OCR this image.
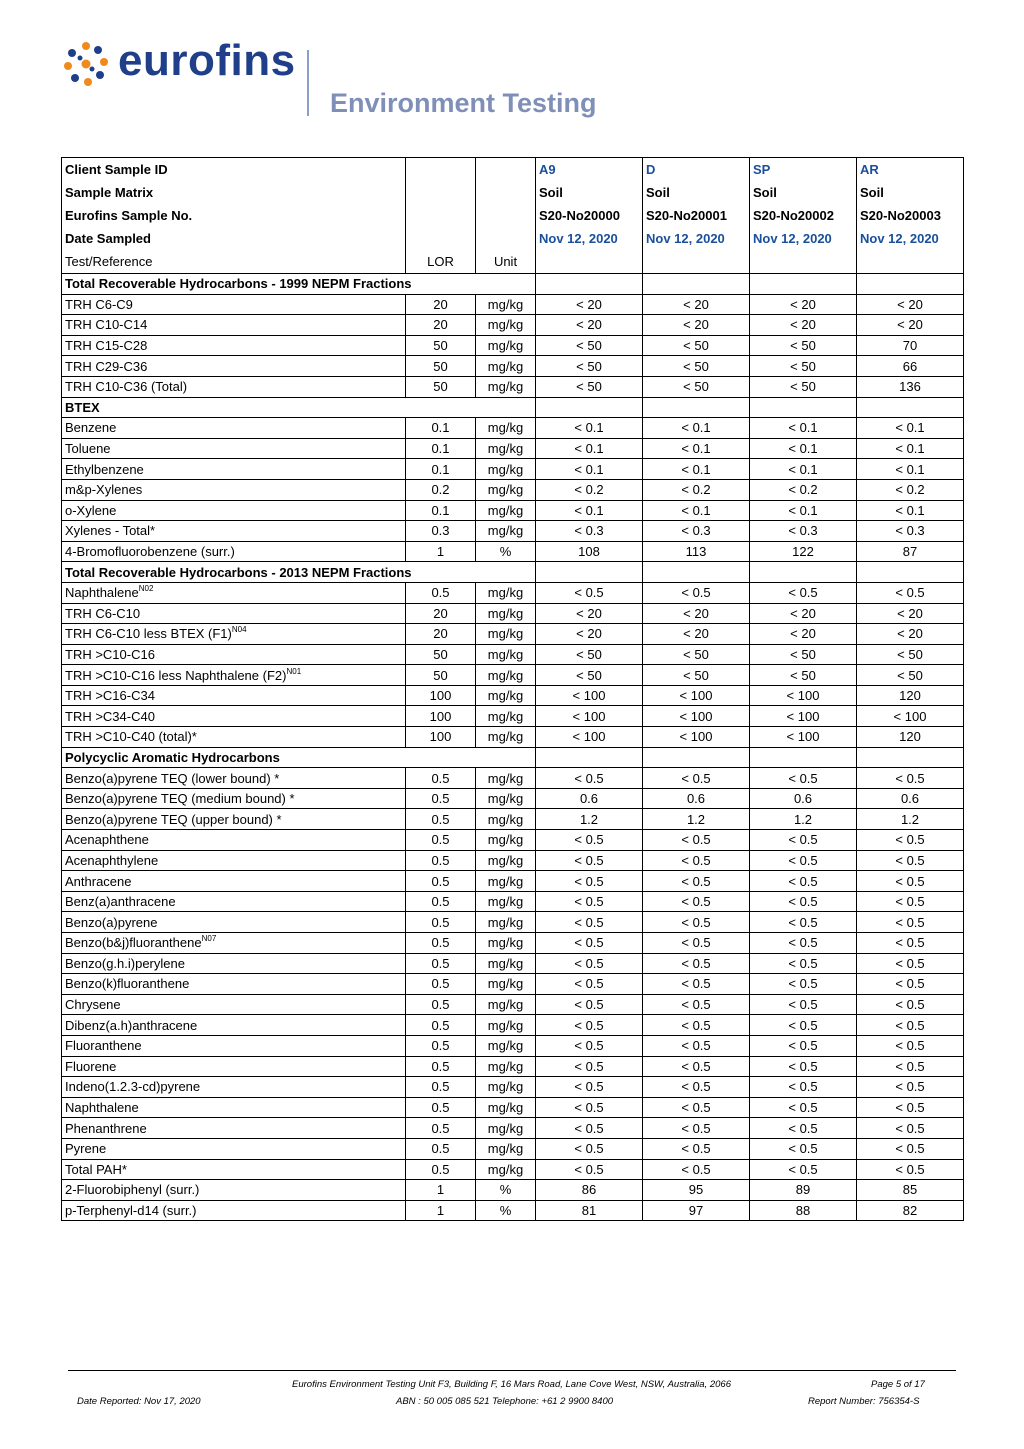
eurofins
Environment Testing
Client Sample ID			A9	D	SP	AR
Sample Matrix			Soil	Soil	Soil	Soil
Eurofins Sample No.			S20-No20000	S20-No20001	S20-No20002	S20-No20003
Date Sampled			Nov 12, 2020	Nov 12, 2020	Nov 12, 2020	Nov 12, 2020
Test/Reference	LOR	Unit				
Total Recoverable Hydrocarbons - 1999 NEPM Fractions						
TRH C6-C9	20	mg/kg	< 20	< 20	< 20	< 20
TRH C10-C14	20	mg/kg	< 20	< 20	< 20	< 20
TRH C15-C28	50	mg/kg	< 50	< 50	< 50	70
TRH C29-C36	50	mg/kg	< 50	< 50	< 50	66
TRH C10-C36 (Total)	50	mg/kg	< 50	< 50	< 50	136
BTEX						
Benzene	0.1	mg/kg	< 0.1	< 0.1	< 0.1	< 0.1
Toluene	0.1	mg/kg	< 0.1	< 0.1	< 0.1	< 0.1
Ethylbenzene	0.1	mg/kg	< 0.1	< 0.1	< 0.1	< 0.1
m&p-Xylenes	0.2	mg/kg	< 0.2	< 0.2	< 0.2	< 0.2
o-Xylene	0.1	mg/kg	< 0.1	< 0.1	< 0.1	< 0.1
Xylenes - Total*	0.3	mg/kg	< 0.3	< 0.3	< 0.3	< 0.3
4-Bromofluorobenzene (surr.)	1	%	108	113	122	87
Total Recoverable Hydrocarbons - 2013 NEPM Fractions						
Naphthalene$^{N02}$	0.5	mg/kg	< 0.5	< 0.5	< 0.5	< 0.5
TRH C6-C10	20	mg/kg	< 20	< 20	< 20	< 20
TRH C6-C10 less BTEX $(F1)^{N04}$	20	mg/kg	< 20	< 20	< 20	< 20
TRH >C10-C16	50	mg/kg	< 50	< 50	< 50	< 50
TRH >C10-C16 less Naphthalene $(F2)^{N01}$	50	mg/kg	< 50	< 50	< 50	< 50
TRH >C16-C34	100	mg/kg	< 100	< 100	< 100	120
TRH >C34-C40	100	mg/kg	< 100	< 100	< 100	< 100
TRH >C10-C40 (total)*	100	mg/kg	< 100	< 100	< 100	120
Polycyclic Aromatic Hydrocarbons						
Benzo(a)pyrene TEQ (lower bound) *	0.5	mg/kg	< 0.5	< 0.5	< 0.5	< 0.5
Benzo(a)pyrene TEQ (medium bound) *	0.5	mg/kg	0.6	0.6	0.6	0.6
Benzo(a)pyrene TEQ (upper bound) *	0.5	mg/kg	1.2	1.2	1.2	1.2
Acenaphthene	0.5	mg/kg	< 0.5	< 0.5	< 0.5	< 0.5
Acenaphthylene	0.5	mg/kg	< 0.5	< 0.5	< 0.5	< 0.5
Anthracene	0.5	mg/kg	< 0.5	< 0.5	< 0.5	< 0.5
Benz(a)anthracene	0.5	mg/kg	< 0.5	< 0.5	< 0.5	< 0.5
Benzo(a)pyrene	0.5	mg/kg	< 0.5	< 0.5	< 0.5	< 0.5
Benzo(b&j)fluoranthene$^{N07}$	0.5	mg/kg	< 0.5	< 0.5	< 0.5	< 0.5
Benzo(g.h.i)perylene	0.5	mg/kg	< 0.5	< 0.5	< 0.5	< 0.5
Benzo(k)fluoranthene	0.5	mg/kg	< 0.5	< 0.5	< 0.5	< 0.5
Chrysene	0.5	mg/kg	< 0.5	< 0.5	< 0.5	< 0.5
Dibenz(a.h)anthracene	0.5	mg/kg	< 0.5	< 0.5	< 0.5	< 0.5
Fluoranthene	0.5	mg/kg	< 0.5	< 0.5	< 0.5	< 0.5
Fluorene	0.5	mg/kg	< 0.5	< 0.5	< 0.5	< 0.5
Indeno(1.2.3-cd)pyrene	0.5	mg/kg	< 0.5	< 0.5	< 0.5	< 0.5
Naphthalene	0.5	mg/kg	< 0.5	< 0.5	< 0.5	< 0.5
Phenanthrene	0.5	mg/kg	< 0.5	< 0.5	< 0.5	< 0.5
Pyrene	0.5	mg/kg	< 0.5	< 0.5	< 0.5	< 0.5
Total PAH*	0.5	mg/kg	< 0.5	< 0.5	< 0.5	< 0.5
2-Fluorobiphenyl (surr.)	1	%	86	95	89	85
p-Terphenyl-d14 (surr.)	1	%	81	97	88	82
Eurofins Environment Testing Unit F3, Building F, 16 Mars Road, Lane Cove West, NSW, Australia, 2066	Page 5 of 17
Date Reported: Nov 17, 2020	ABN : 50 005 085 521 Telephone: +61 2 9900 8400	Report Number: 756354-S
